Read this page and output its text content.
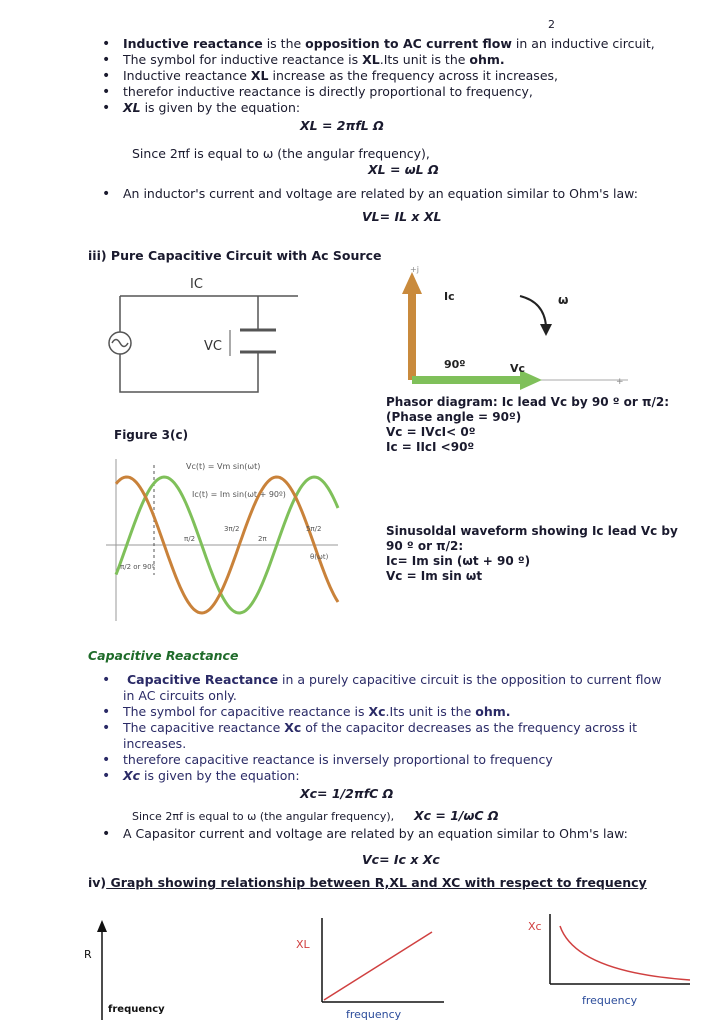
2
• Inductive reactance is the opposition to AC current flow in an inductive circuit,
• The symbol for inductive reactance is XL.Its unit is the ohm.
• Inductive reactance XL increase as the frequency across it increases,
• therefor inductive reactance is directly proportional to frequency,
• XL is given by the equation:
XL = 2πfL Ω
Since 2πf is equal to ω (the angular frequency),
XL = ωL Ω
• An inductor's current and voltage are related by an equation similar to Ohm's law:
VL= IL x XL
iii) Pure Capacitive Circuit with Ac Source
IC
VC
Figure 3(c)
+j
+
Ic	ω
90º	Vc
Phasor diagram: Ic lead Vc by 90 º or π/2:
(Phase angle = 90º)
Vc = IVcI< 0º
Ic = IIcI <90º
Vc(t) = Vm sin(ωt)
Ic(t) = Im sin(ωt + 90º)
3π/2
2π
5π/2
π/2
θ(ωt)
π/2 or 90º
Sinusoldal waveform showing Ic lead Vc by
90 º or π/2:
Ic= Im sin (ωt + 90 º)
Vc = Im sin ωt
Capacitive Reactance
• Capacitive Reactance in a purely capacitive circuit is the opposition to current flow
in AC circuits only.
• The symbol for capacitive reactance is Xc.Its unit is the ohm.
• The capacitive reactance Xc of the capacitor decreases as the frequency across it
increases.
• therefore capacitive reactance is inversely proportional to frequency
• Xc is given by the equation:
Xc= 1/2πfC Ω
Since 2πf is equal to ω (the angular frequency), Xc = 1/ωC Ω
• A Capasitor current and voltage are related by an equation similar to Ohm's law:
Vc= Ic x Xc
iv) Graph showing relationship between R,XL and XC with respect to frequency
R
frequency
XL
frequency
Xc
frequency
